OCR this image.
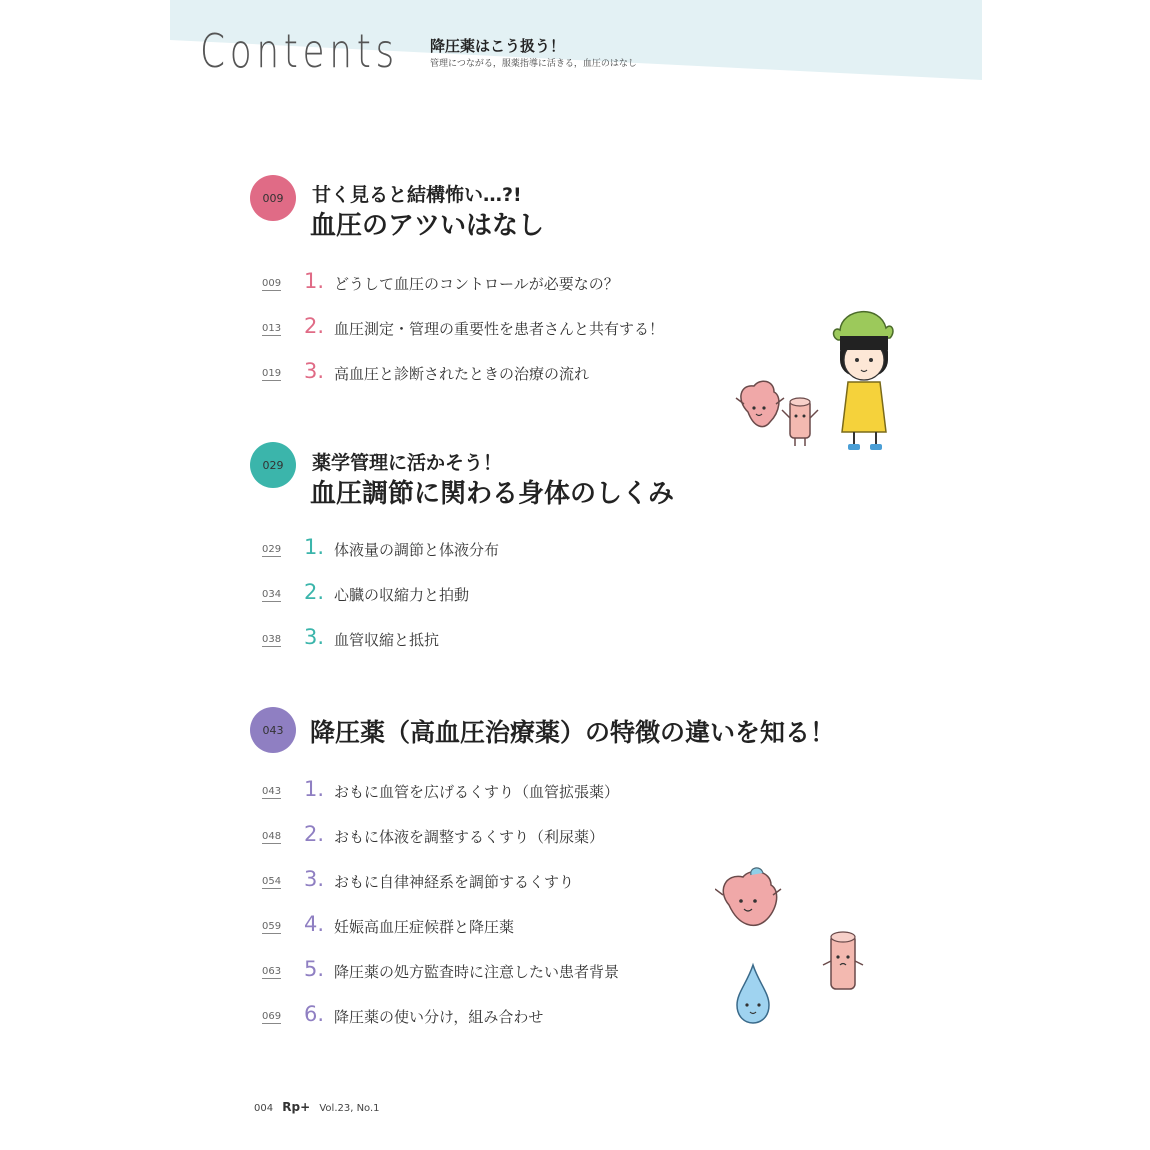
Contents 降圧薬はこう扱う！
管理につながる，服薬指導に活きる，血圧のはなし
009 甘く見ると結構怖い…?!
血圧のアツいはなし
009 1. どうして血圧のコントロールが必要なの？
013 2. 血圧測定・管理の重要性を患者さんと共有する！
019 3. 高血圧と診断されたときの治療の流れ
029 薬学管理に活かそう！
血圧調節に関わる身体のしくみ
029 1. 体液量の調節と体液分布
034 2. 心臓の収縮力と拍動
038 3. 血管収縮と抵抗
043 降圧薬（高血圧治療薬）の特徴の違いを知る！
043 1. おもに血管を広げるくすり（血管拡張薬）
048 2. おもに体液を調整するくすり（利尿薬）
054 3. おもに自律神経系を調節するくすり
059 4. 妊娠高血圧症候群と降圧薬
063 5. 降圧薬の処方監査時に注意したい患者背景
069 6. 降圧薬の使い分け，組み合わせ
004 Rp+ Vol.23, No.1
